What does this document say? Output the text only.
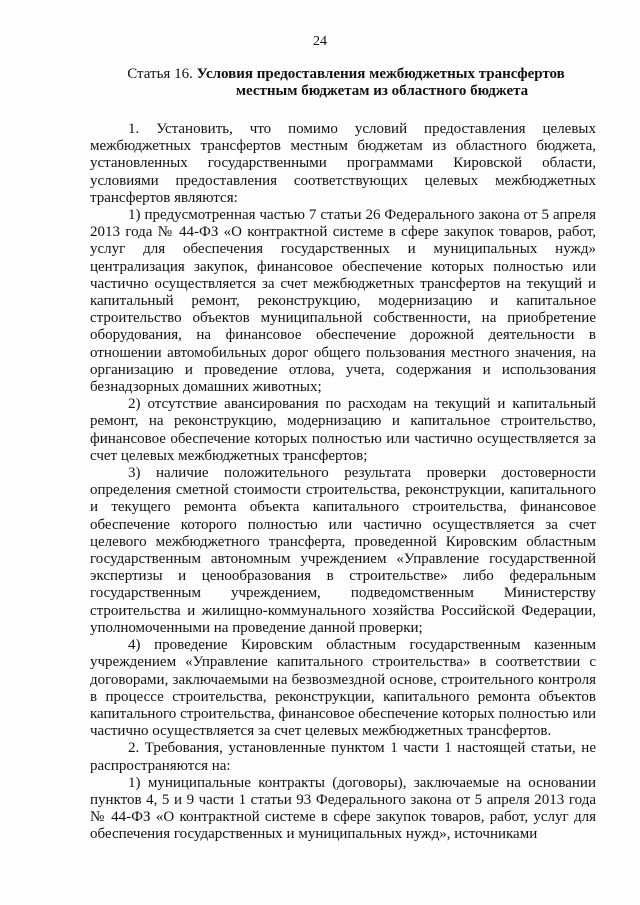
24
Статья 16. Условия предоставления межбюджетных трансфертов
местным бюджетам из областного бюджета

1. Установить, что помимо условий предоставления целевых межбюджетных трансфертов местным бюджетам из областного бюджета, установленных государственными программами Кировской области, условиями предоставления соответствующих целевых межбюджетных трансфертов являются:

1) предусмотренная частью 7 статьи 26 Федерального закона от 5 апреля 2013 года № 44-ФЗ «О контрактной системе в сфере закупок товаров, работ, услуг для обеспечения государственных и муниципальных нужд» централизация закупок, финансовое обеспечение которых полностью или частично осуществляется за счет межбюджетных трансфертов на текущий и капитальный ремонт, реконструкцию, модернизацию и капитальное строительство объектов муниципальной собственности, на приобретение оборудования, на финансовое обеспечение дорожной деятельности в отношении автомобильных дорог общего пользования местного значения, на организацию и проведение отлова, учета, содержания и использования безнадзорных домашних животных;

2) отсутствие авансирования по расходам на текущий и капитальный ремонт, на реконструкцию, модернизацию и капитальное строительство, финансовое обеспечение которых полностью или частично осуществляется за счет целевых межбюджетных трансфертов;

3) наличие положительного результата проверки достоверности определения сметной стоимости строительства, реконструкции, капитального и текущего ремонта объекта капитального строительства, финансовое обеспечение которого полностью или частично осуществляется за счет целевого межбюджетного трансферта, проведенной Кировским областным государственным автономным учреждением «Управление государственной экспертизы и ценообразования в строительстве» либо федеральным государственным учреждением, подведомственным Министерству строительства и жилищно-коммунального хозяйства Российской Федерации, уполномоченными на проведение данной проверки;

4) проведение Кировским областным государственным казенным учреждением «Управление капитального строительства» в соответствии с договорами, заключаемыми на безвозмездной основе, строительного контроля в процессе строительства, реконструкции, капитального ремонта объектов капитального строительства, финансовое обеспечение которых полностью или частично осуществляется за счет целевых межбюджетных трансфертов.

2. Требования, установленные пунктом 1 части 1 настоящей статьи, не распространяются на:

1) муниципальные контракты (договоры), заключаемые на основании пунктов 4, 5 и 9 части 1 статьи 93 Федерального закона от 5 апреля 2013 года № 44-ФЗ «О контрактной системе в сфере закупок товаров, работ, услуг для обеспечения государственных и муниципальных нужд», источниками
